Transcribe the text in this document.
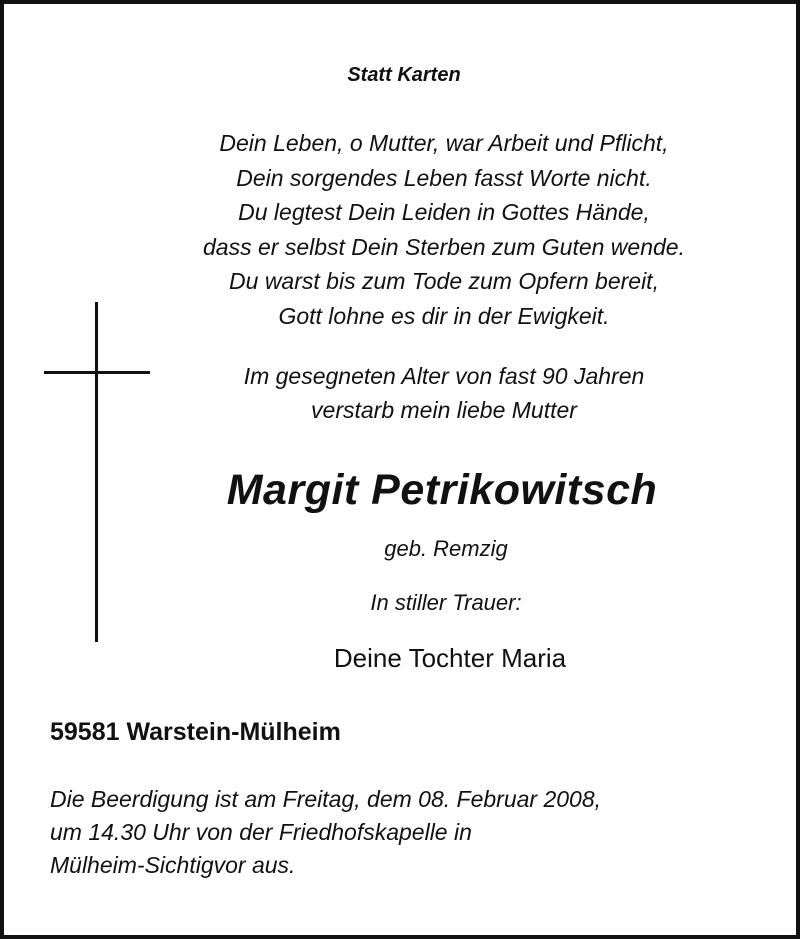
Statt Karten
Dein Leben, o Mutter, war Arbeit und Pflicht,
Dein sorgendes Leben fasst Worte nicht.
Du legtest Dein Leiden in Gottes Hände,
dass er selbst Dein Sterben zum Guten wende.
Du warst bis zum Tode zum Opfern bereit,
Gott lohne es dir in der Ewigkeit.
Im gesegneten Alter von fast 90 Jahren
verstarb mein liebe Mutter
Margit Petrikowitsch
geb. Remzig
In stiller Trauer:
Deine Tochter Maria
59581 Warstein-Mülheim
Die Beerdigung ist am Freitag, dem 08. Februar 2008,
um 14.30 Uhr von der Friedhofskapelle in
Mülheim-Sichtigvor aus.
